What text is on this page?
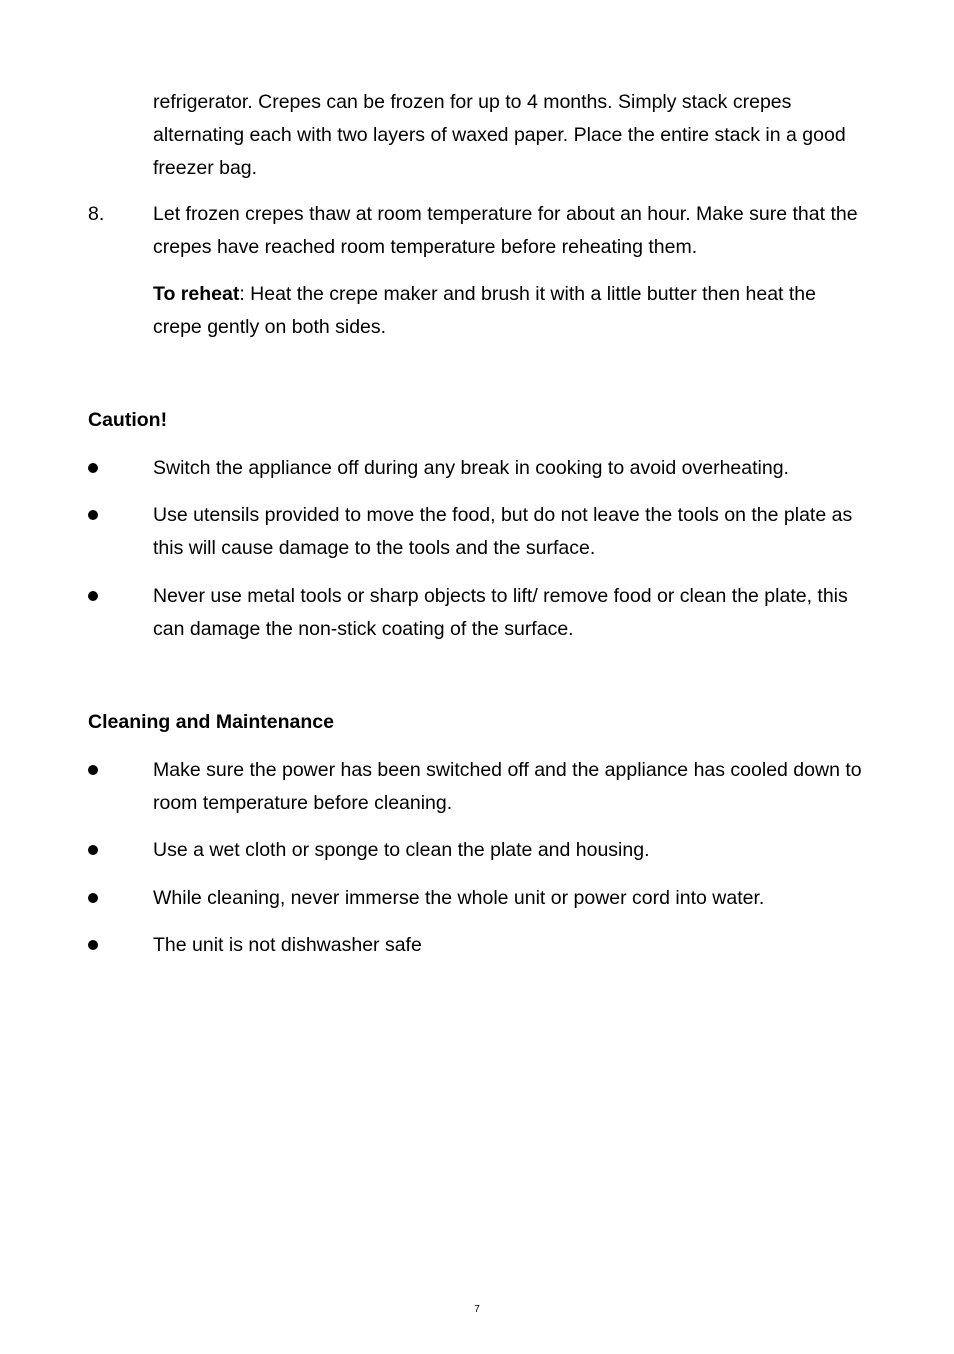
refrigerator. Crepes can be frozen for up to 4 months. Simply stack crepes alternating each with two layers of waxed paper. Place the entire stack in a good freezer bag.
8. Let frozen crepes thaw at room temperature for about an hour. Make sure that the crepes have reached room temperature before reheating them.
To reheat: Heat the crepe maker and brush it with a little butter then heat the crepe gently on both sides.
Caution!
Switch the appliance off during any break in cooking to avoid overheating.
Use utensils provided to move the food, but do not leave the tools on the plate as this will cause damage to the tools and the surface.
Never use metal tools or sharp objects to lift/ remove food or clean the plate, this can damage the non-stick coating of the surface.
Cleaning and Maintenance
Make sure the power has been switched off and the appliance has cooled down to room temperature before cleaning.
Use a wet cloth or sponge to clean the plate and housing.
While cleaning, never immerse the whole unit or power cord into water.
The unit is not dishwasher safe
7
